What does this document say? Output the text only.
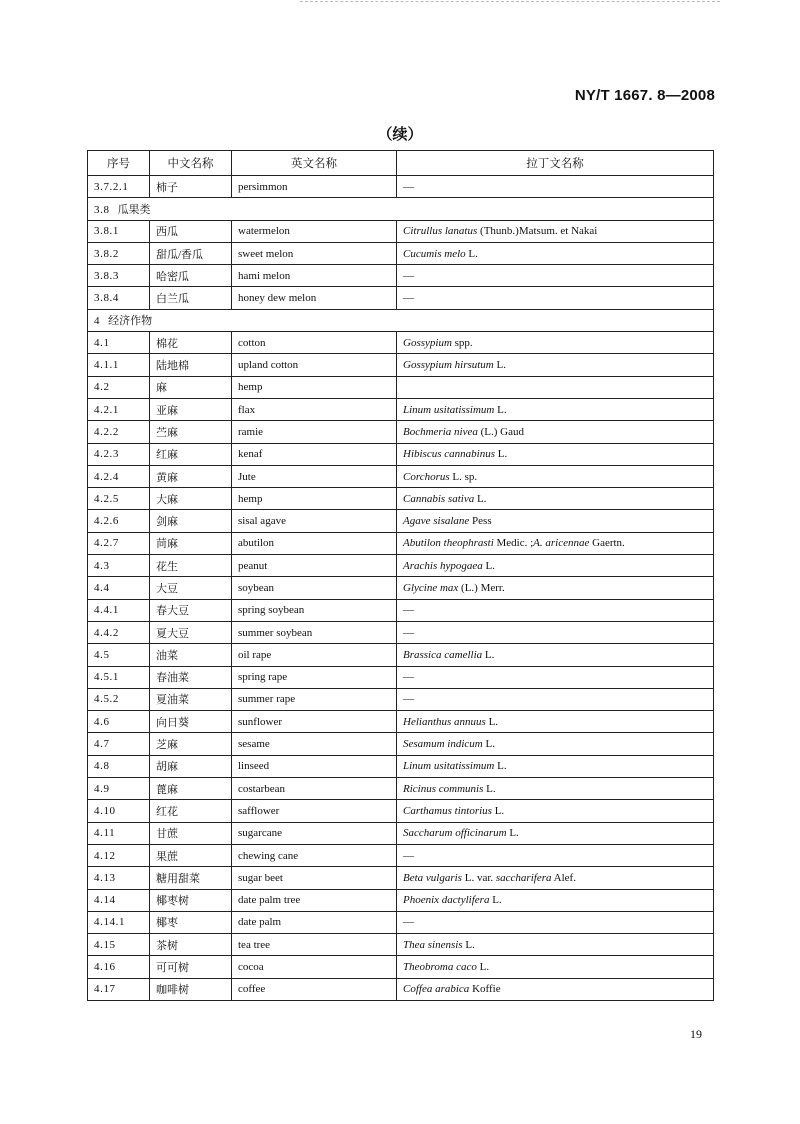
NY/T 1667. 8—2008
（续）
序号	中文名称	英文名称	拉丁文名称
3.7.2.1	柿子	persimmon	—
3.8 瓜果类			
3.8.1	西瓜	watermelon	Citrullus lanatus (Thunb.)Matsum. et Nakai
3.8.2	甜瓜/香瓜	sweet melon	Cucumis melo L.
3.8.3	哈密瓜	hami melon	—
3.8.4	白兰瓜	honey dew melon	—
4 经济作物			
4.1	棉花	cotton	Gossypium spp.
4.1.1	陆地棉	upland cotton	Gossypium hirsutum L.
4.2	麻	hemp	
4.2.1	亚麻	flax	Linum usitatissimum L.
4.2.2	苎麻	ramie	Bochmeria nivea (L.) Gaud
4.2.3	红麻	kenaf	Hibiscus cannabinus L.
4.2.4	黄麻	Jute	Corchorus L. sp.
4.2.5	大麻	hemp	Cannabis sativa L.
4.2.6	剑麻	sisal agave	Agave sisalane Pess
4.2.7	苘麻	abutilon	Abutilon theophrasti Medic. ;A. aricennae Gaertn.
4.3	花生	peanut	Arachis hypogaea L.
4.4	大豆	soybean	Glycine max (L.) Merr.
4.4.1	春大豆	spring soybean	—
4.4.2	夏大豆	summer soybean	—
4.5	油菜	oil rape	Brassica camellia L.
4.5.1	春油菜	spring rape	—
4.5.2	夏油菜	summer rape	—
4.6	向日葵	sunflower	Helianthus annuus L.
4.7	芝麻	sesame	Sesamum indicum L.
4.8	胡麻	linseed	Linum usitatissimum L.
4.9	蓖麻	costarbean	Ricinus communis L.
4.10	红花	safflower	Carthamus tintorius L.
4.11	甘蔗	sugarcane	Saccharum officinarum L.
4.12	果蔗	chewing cane	—
4.13	糖用甜菜	sugar beet	Beta vulgaris L. var. saccharifera Alef.
4.14	椰枣树	date palm tree	Phoenix dactylifera L.
4.14.1	椰枣	date palm	—
4.15	茶树	tea tree	Thea sinensis L.
4.16	可可树	cocoa	Theobroma caco L.
4.17	咖啡树	coffee	Coffea arabica Koffie
19
